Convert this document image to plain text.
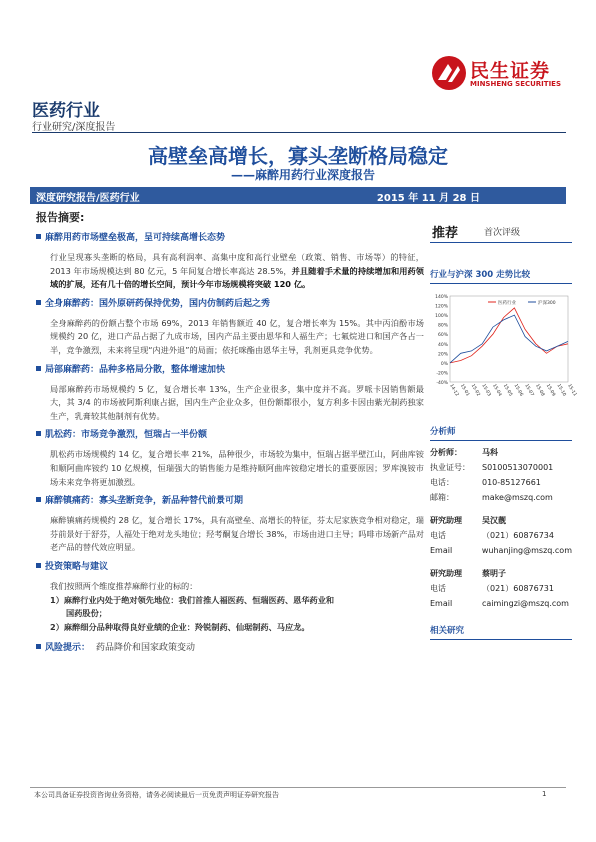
民生证券
MINSHENG SECURITIES
医药行业
行业研究/深度报告
高壁垒高增长，寡头垄断格局稳定
——麻醉用药行业深度报告
深度研究报告/医药行业	2015 年 11 月 28 日
报告摘要:
麻醉用药市场壁垒极高，呈可持续高增长态势
行业呈现寡头垄断的格局，具有高利润率、高集中度和高行业壁垒（政策、销售、市场等）的特征，2013 年市场规模达到 80 亿元，5 年间复合增长率高达 28.5%，并且随着手术量的持续增加和用药领域的扩展，还有几十倍的增长空间，预计今年市场规模将突破 120 亿。
全身麻醉药：国外原研药保持优势，国内仿制药后起之秀
全身麻醉药的份额占整个市场 69%，2013 年销售额近 40 亿，复合增长率为 15%。其中丙泊酚市场规模约 20 亿，进口产品占据了九成市场，国内产品主要由恩华和人福生产；七氟烷进口和国产各占一半，竞争激烈，未来将呈现“内进外退”的局面；依托咪酯由恩华主导，乳剂更具竞争优势。
局部麻醉药：品种多格局分散，整体增速加快
局部麻醉药市场规模约 5 亿，复合增长率 13%，生产企业很多，集中度并不高。罗哌卡因销售额最大，其 3/4 的市场被阿斯利康占据，国内生产企业众多，但份额都很小，复方利多卡因由紫光制药独家生产，乳膏较其他制剂有优势。
肌松药：市场竞争激烈，恒瑞占一半份额
肌松药市场规模约 14 亿，复合增长率 21%，品种很少，市场较为集中，恒瑞占据半壁江山，阿曲库铵和顺阿曲库铵约 10 亿规模，恒瑞强大的销售能力是维持顺阿曲库铵稳定增长的重要原因；罗库溴铵市场未来竞争将更加激烈。
麻醉镇痛药：寡头垄断竞争，新品种替代前景可期
麻醉镇痛药规模约 28 亿，复合增长 17%，具有高壁垒、高增长的特征，芬太尼家族竞争相对稳定，瑞芬前景好于舒芬，人福处于绝对龙头地位；羟考酮复合增长 38%，市场由进口主导；吗啡市场新产品对老产品的替代效应明显。
投资策略与建议
我们按照两个维度推荐麻醉行业的标的：
1）麻醉行业内处于绝对领先地位：我们首推人福医药、恒瑞医药、恩华药业和
国药股份；
2）麻醉细分品种取得良好业绩的企业：羚锐制药、仙琚制药、马应龙。
风险提示： 药品降价和国家政策变动
推荐	首次评级
行业与沪深 300 走势比较
140%
120%
100%
80%
60%
40%
20%
0%
-20%
-40% 14-12 15-01 15-02 15-03 15-04 15-05 15-06 15-07 15-08 15-09 15-10 15-11
医药行业	沪深300
分析师
分析师：	马科
执业证号：	S0100513070001
电话：	010-85127661
邮箱：	make@mszq.com
研究助理	吴汉靓
电话	（021）60876734
Email	wuhanjing@mszq.com
研究助理	蔡明子
电话	（021）60876731
Email	caimingzi@mszq.com
相关研究
本公司具备证券投资咨询业务资格，请务必阅读最后一页免责声明证券研究报告	1
